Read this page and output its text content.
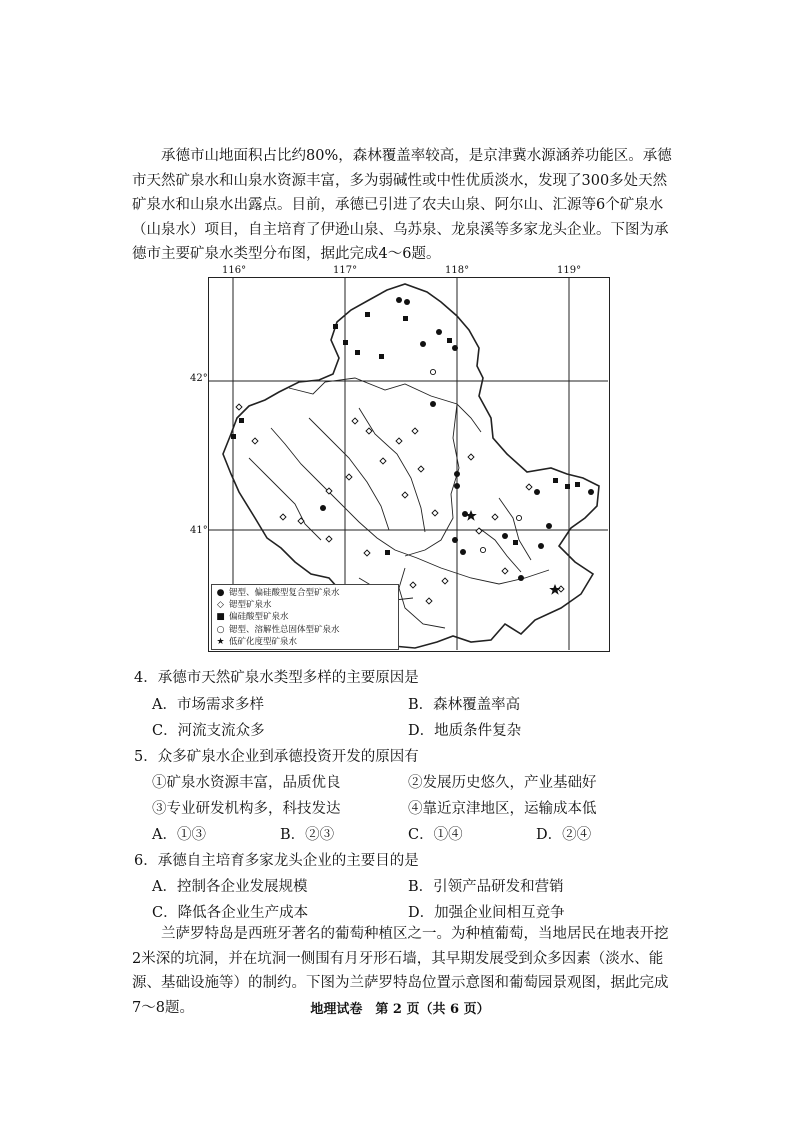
承德市山地面积占比约80%，森林覆盖率较高，是京津冀水源涵养功能区。承德市天然矿泉水和山泉水资源丰富，多为弱碱性或中性优质淡水，发现了300多处天然矿泉水和山泉水出露点。目前，承德已引进了农夫山泉、阿尔山、汇源等6个矿泉水（山泉水）项目，自主培育了伊逊山泉、乌苏泉、龙泉溪等多家龙头企业。下图为承德市主要矿泉水类型分布图，据此完成4～6题。

116°	117°	118°	119°
42°
41°
● 锶型、偏硅酸型复合型矿泉水
◇ 锶型矿泉水
■ 偏硅酸型矿泉水
○ 锶型、溶解性总固体型矿泉水
★ 低矿化度型矿泉水
4．承德市天然矿泉水类型多样的主要原因是
A．市场需求多样	B．森林覆盖率高
C．河流支流众多	D．地质条件复杂
5．众多矿泉水企业到承德投资开发的原因有
①矿泉水资源丰富，品质优良	②发展历史悠久，产业基础好
③专业研发机构多，科技发达	④靠近京津地区，运输成本低
A．①③	B．②③	C．①④	D．②④
6．承德自主培育多家龙头企业的主要目的是
A．控制各企业发展规模	B．引领产品研发和营销
C．降低各企业生产成本	D．加强企业间相互竞争

兰萨罗特岛是西班牙著名的葡萄种植区之一。为种植葡萄，当地居民在地表开挖2米深的坑洞，并在坑洞一侧围有月牙形石墙，其早期发展受到众多因素（淡水、能源、基础设施等）的制约。下图为兰萨罗特岛位置示意图和葡萄园景观图，据此完成7～8题。	地理试卷　第 2 页（共 6 页）
